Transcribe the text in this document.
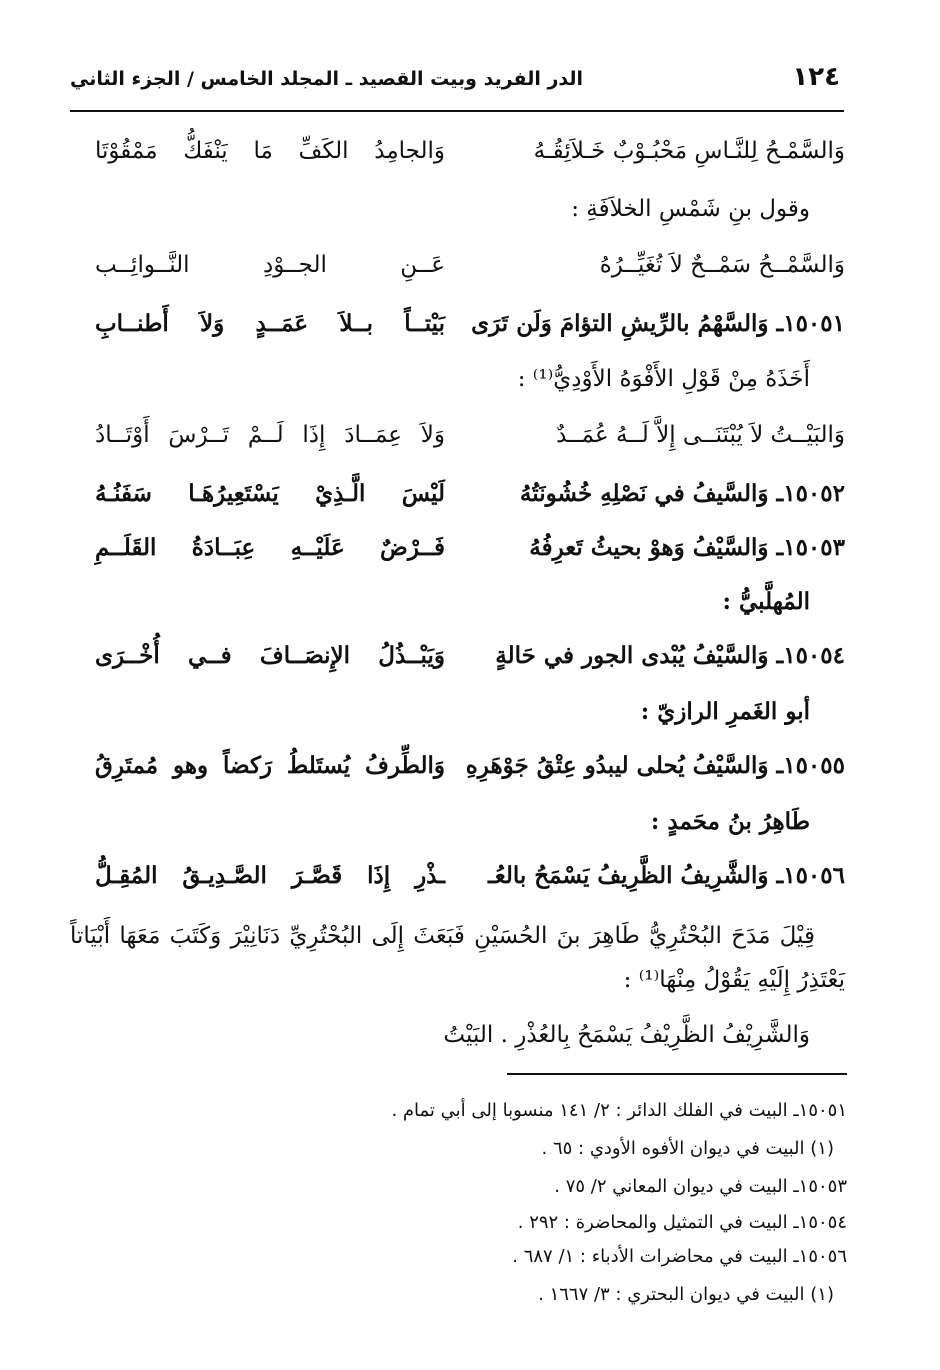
١٢٤
الدر الفريد وبيت القصيد ـ المجلد الخامس / الجزء الثاني
وَالسَّمْـحُ لِلنَّـاسِ مَحْبُـوْبٌ خَـلاَئِقُـهُ
وَالجامِدُ الكَفِّ مَا يَنْفَكُّ مَمْقُوْتَا
وقول بنِ شَمْسِ الخلاَفَةِ :
وَالسَّمْــحُ سَمْــحٌ لاَ تُغَيِّــرُهُ
عَــنِ الجــوْدِ النَّــوائِــب
١٥٠٥١ـ وَالسَّهْمُ بالرِّيشِ التؤامَ وَلَن تَرَى
بَيْتــاً بــلاَ عَمَــدٍ وَلاَ أَطنــابِ
أَخَذَهُ مِنْ قَوْلِ الأَفْوَهُ الأَوْدِيُّ⁽¹⁾ :
وَالبَيْــتُ لاَ يُبْتَنَــى إِلاَّ لَــهُ عُمَــدٌ
وَلاَ عِمَــادَ إِذَا لَــمْ تَــرْسَ أَوْتَــادُ
١٥٠٥٢ـ وَالسَّيفُ في نَصْلِهِ خُشُونَتُهُ
لَيْسَ الَّـذِيْ يَسْتَعِيرُهَـا سَفَنُـهُ
١٥٠٥٣ـ وَالسَّيْفُ وَهوْ بحيثُ تَعرِفُهُ
فَــرْضٌ عَلَيْــهِ عِبَــادَةُ القَلَــمِ
المُهلَّبيُّ :
١٥٠٥٤ـ وَالسَّيْفُ يُبْدى الجور في حَالةٍ
وَيَبْــذُلُ الإِنصَــافَ فــي أُخْــرَى
أبو الغَمرِ الرازيّ :
١٥٠٥٥ـ وَالسَّيْفُ يُحلى ليبدُو عِتْقُ جَوْهَرِهِ
وَالطِّرفُ يُستَلطُ رَكضاً وهو مُمتَرِقُ
طَاهِرُ بنُ محَمدٍ :
١٥٠٥٦ـ وَالشَّرِيفُ الظَّرِيفُ يَسْمَحُ بالعُـ
ـذْرِ إِذَا قَصَّـرَ الصَّـدِيـقُ المُقِـلُّ
قِيْلَ مَدَحَ البُحْتُرِيُّ طَاهِرَ بنَ الحُسَيْنِ فَبَعَثَ إِلَى البُحْتُرِيِّ دَنَانِيْرَ وَكَتَبَ مَعَهَا أَبْيَاتاً يَعْتَذِرُ إِلَيْهِ يَقُوْلُ مِنْهَا⁽¹⁾ :
وَالشَّرِيْفُ الظَّرِيْفُ يَسْمَحُ بِالعُذْرِ . البَيْتُ
١٥٠٥١ـ البيت في الفلك الدائر : ٢/ ١٤١ منسوبا إلى أبي تمام .
(١) البيت في ديوان الأفوه الأودي : ٦٥ .
١٥٠٥٣ـ البيت في ديوان المعاني ٢/ ٧٥ .
١٥٠٥٤ـ البيت في التمثيل والمحاضرة : ٢٩٢ .
١٥٠٥٦ـ البيت في محاضرات الأدباء : ١/ ٦٨٧ .
(١) البيت في ديوان البحتري : ٣/ ١٦٦٧ .
